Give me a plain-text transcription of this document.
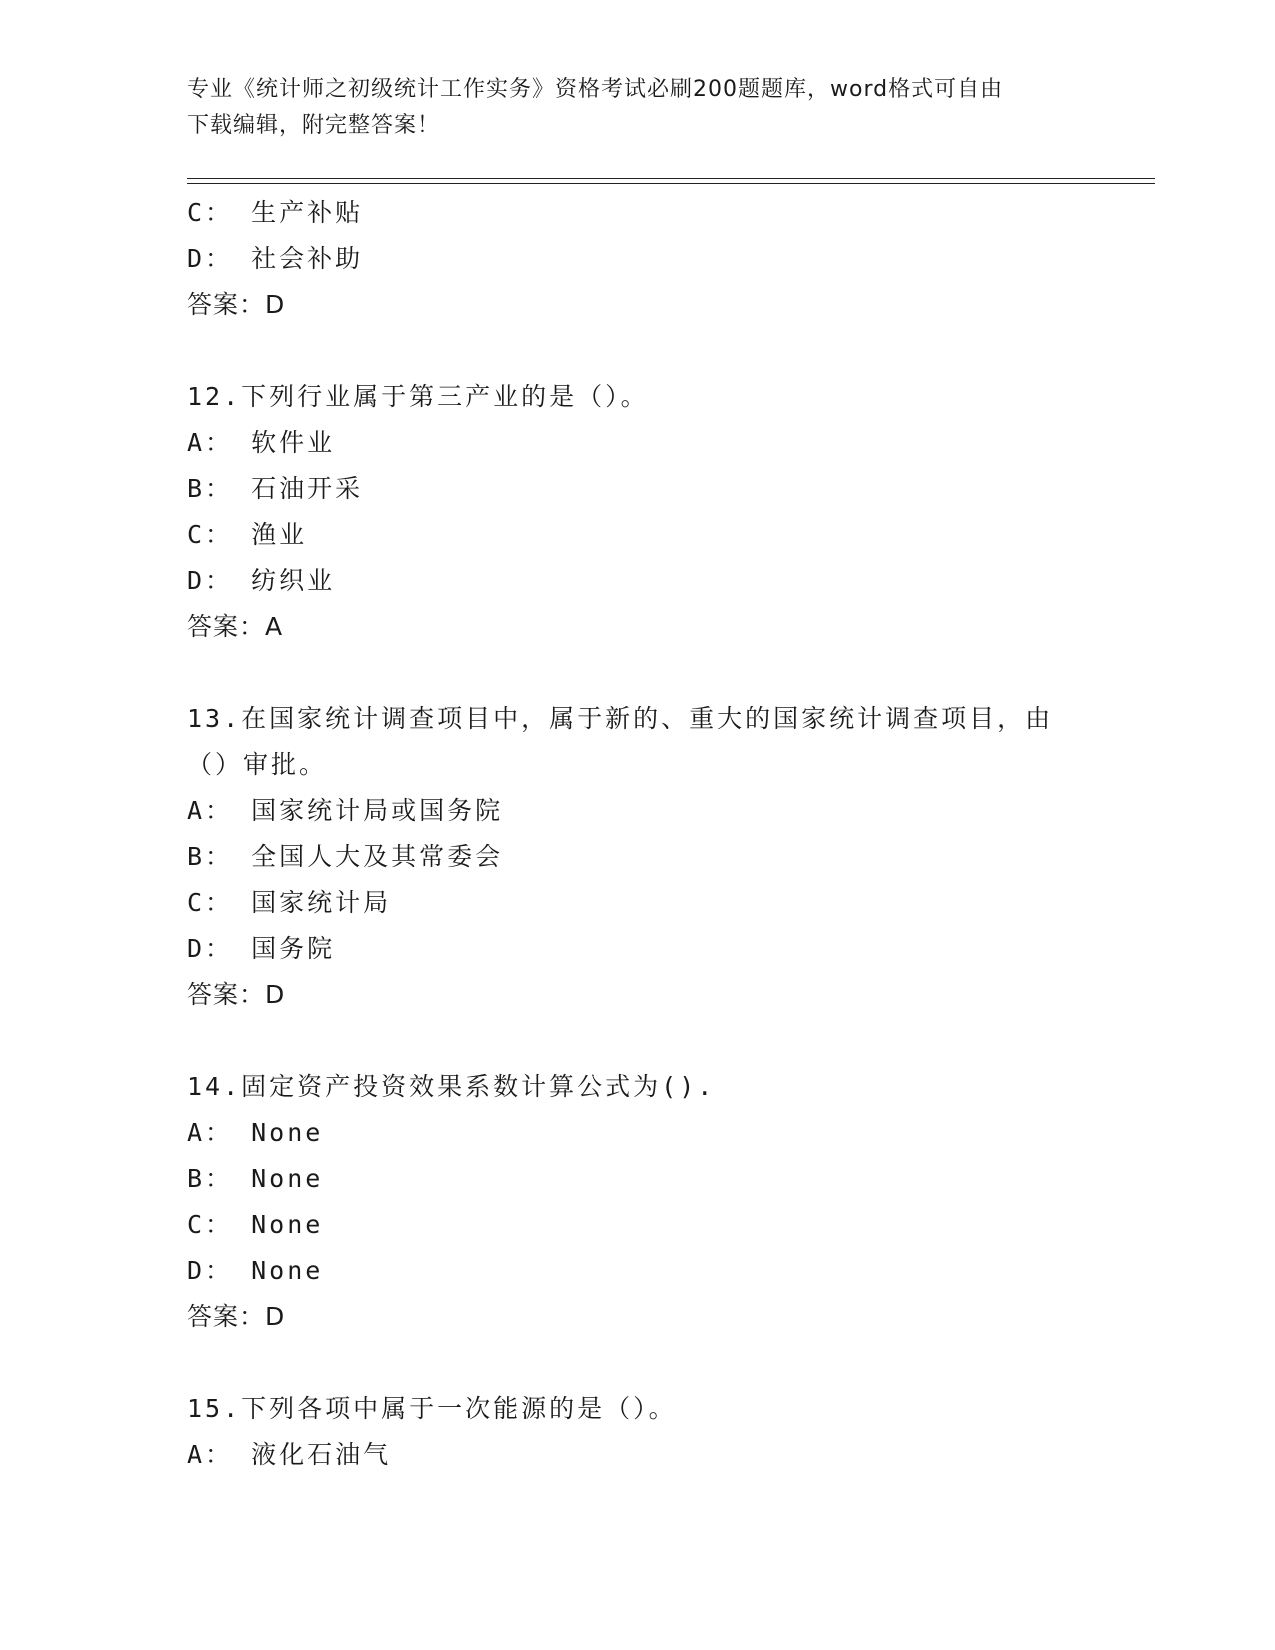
专业《统计师之初级统计工作实务》资格考试必刷200题题库，word格式可自由
下载编辑，附完整答案！
C： 生产补贴
D： 社会补助
答案：D
12.下列行业属于第三产业的是（）。
A： 软件业
B： 石油开采
C： 渔业
D： 纺织业
答案：A
13.在国家统计调查项目中，属于新的、重大的国家统计调查项目，由
（）审批。
A： 国家统计局或国务院
B： 全国人大及其常委会
C： 国家统计局
D： 国务院
答案：D
14.固定资产投资效果系数计算公式为().
A： None
B： None
C： None
D： None
答案：D
15.下列各项中属于一次能源的是（）。
A： 液化石油气
